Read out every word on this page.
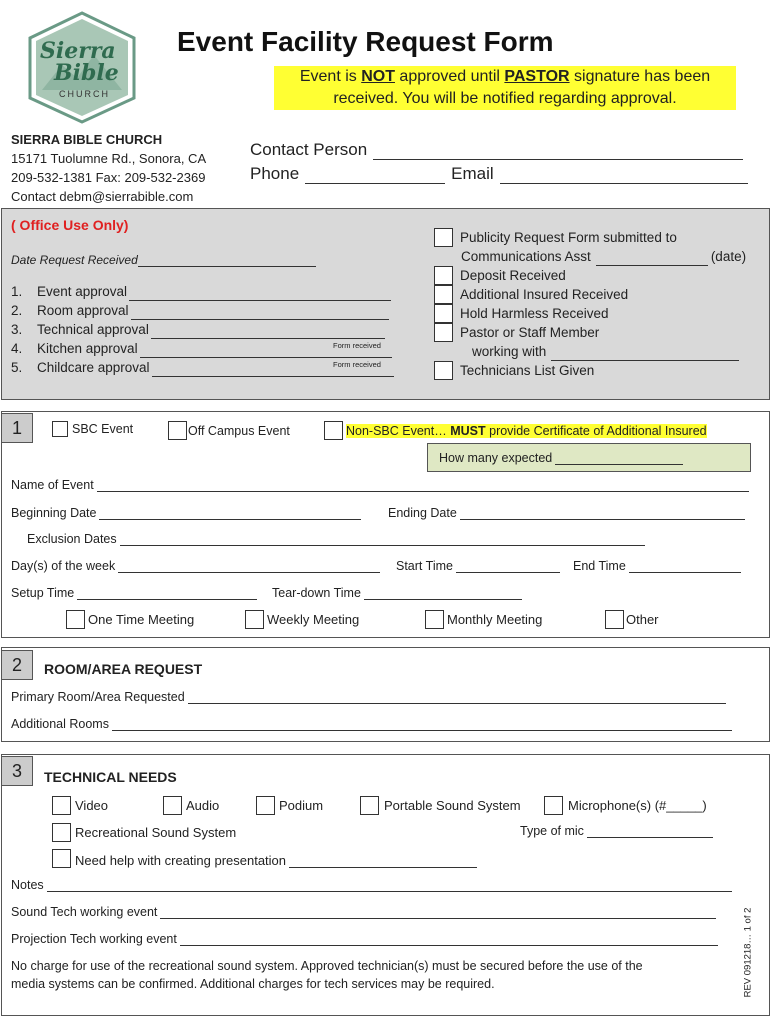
Sierra
Bible
CHURCH
Event Facility Request Form
Event is NOT approved until PASTOR signature has been
received. You will be notified regarding approval.
SIERRA BIBLE CHURCH
15171 Tuolumne Rd., Sonora, CA
209-532-1381 Fax: 209-532-2369
Contact debm@sierrabible.com
Contact Person
Phone	Email
( Office Use Only)
Date Request Received
1.	Event approval
2.	Room approval
3.	Technical approval
4.	Kitchen approval	Form received
5.	Childcare approval	Form received
Publicity Request Form submitted to
Communications Asst	(date)
Deposit Received
Additional Insured Received
Hold Harmless Received
Pastor or Staff Member
working with
Technicians List Given
1	SBC Event	Off Campus Event	Non-SBC Event… MUST provide Certificate of Additional Insured
How many expected
Name of Event
Beginning Date	Ending Date
Exclusion Dates
Day(s) of the week	Start Time	End Time
Setup Time	Tear-down Time
One Time Meeting	Weekly Meeting	Monthly Meeting	Other
2	ROOM/AREA REQUEST
Primary Room/Area Requested
Additional Rooms
3	TECHNICAL NEEDS
Video	Audio	Podium	Portable Sound System	Microphone(s) (#_____)
Recreational Sound System	Type of mic
Need help with creating presentation
Notes
Sound Tech working event
Projection Tech working event
No charge for use of the recreational sound system. Approved technician(s) must be secured before the use of the
media systems can be confirmed. Additional charges for tech services may be required.	REV 091218… 1 of 2
